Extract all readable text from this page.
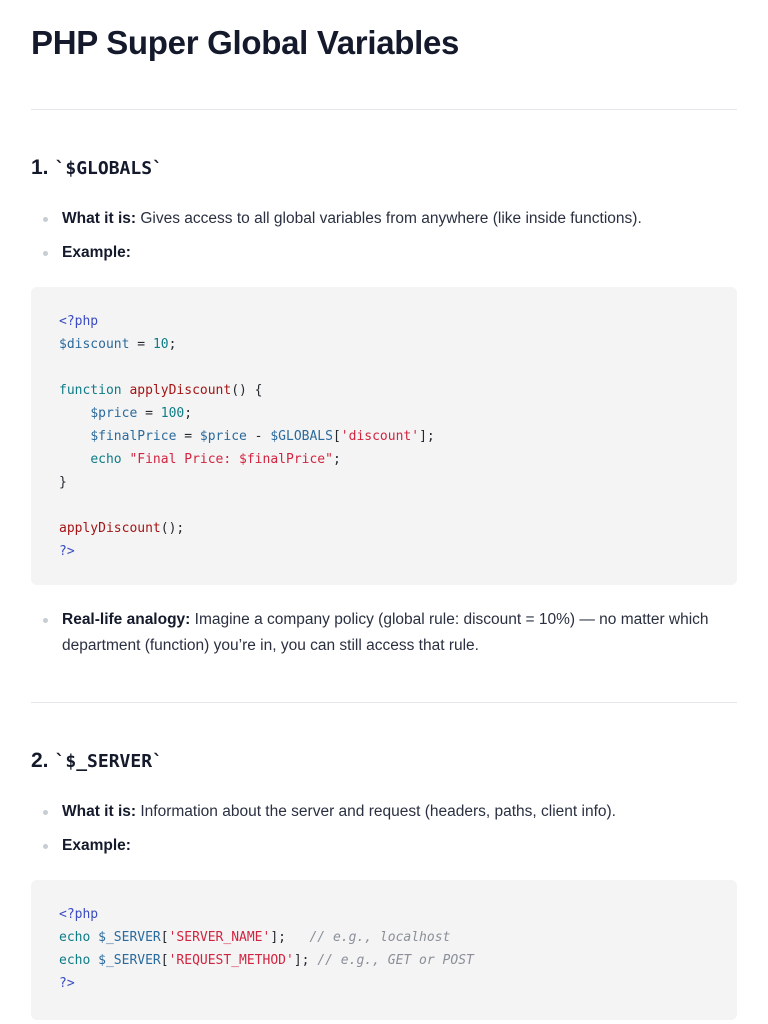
PHP Super Global Variables
1. `$GLOBALS`
What it is: Gives access to all global variables from anywhere (like inside functions).
Example:
<?php
$discount = 10;

function applyDiscount() {
$price = 100;
$finalPrice = $price - $GLOBALS['discount'];
echo "Final Price: $finalPrice";
}

applyDiscount();
?>
Real-life analogy: Imagine a company policy (global rule: discount = 10%) — no matter which department (function) you’re in, you can still access that rule.
2. `$_SERVER`
What it is: Information about the server and request (headers, paths, client info).
Example:
<?php
echo $_SERVER['SERVER_NAME'];   // e.g., localhost
echo $_SERVER['REQUEST_METHOD']; // e.g., GET or POST
?>
